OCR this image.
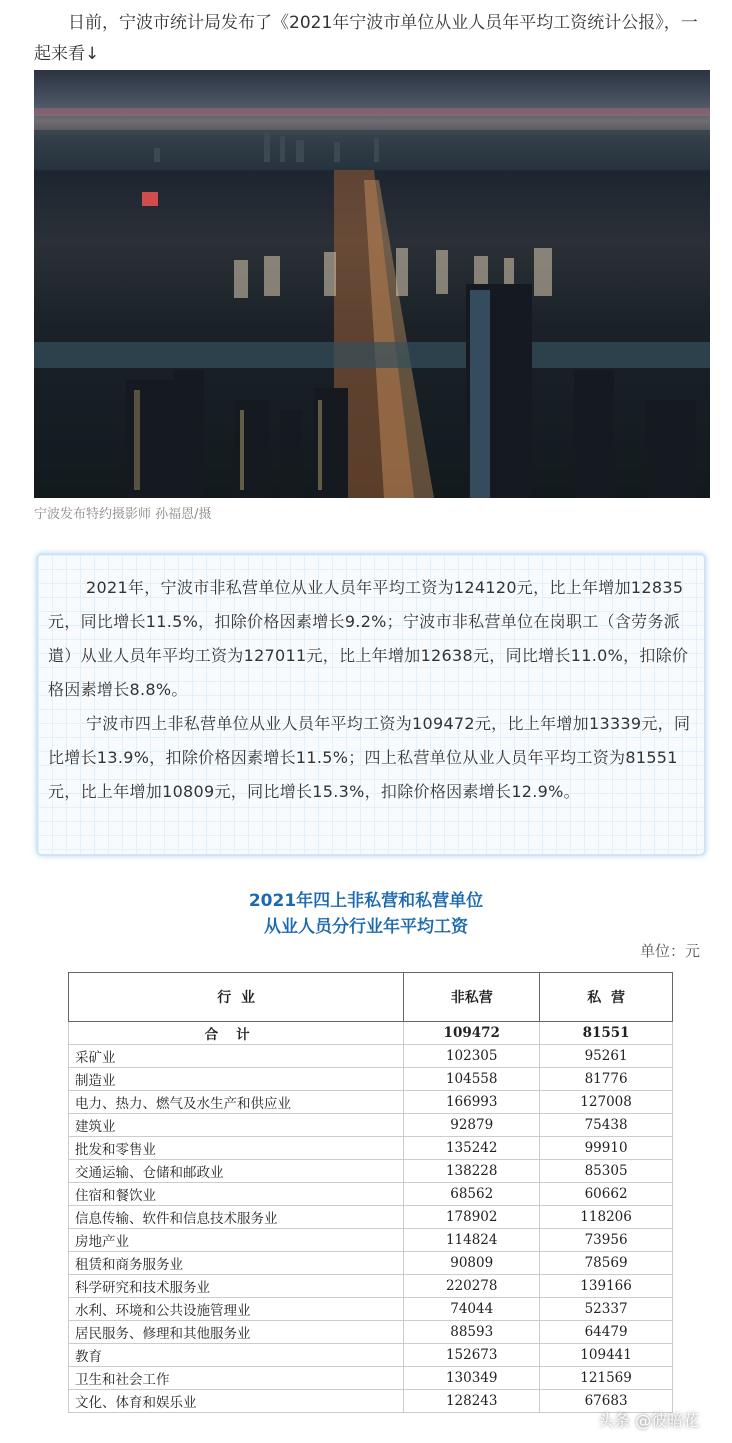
日前，宁波市统计局发布了《2021年宁波市单位从业人员年平均工资统计公报》，一起来看↓

宁波发布特约摄影师 孙福恩/摄

2021年，宁波市非私营单位从业人员年平均工资为124120元，比上年增加12835元，同比增长11.5%，扣除价格因素增长9.2%；宁波市非私营单位在岗职工（含劳务派遣）从业人员年平均工资为127011元，比上年增加12638元，同比增长11.0%，扣除价格因素增长8.8%。

宁波市四上非私营单位从业人员年平均工资为109472元，比上年增加13339元，同比增长13.9%，扣除价格因素增长11.5%；四上私营单位从业人员年平均工资为81551元，比上年增加10809元，同比增长15.3%，扣除价格因素增长12.9%。

2021年四上非私营和私营单位
从业人员分行业年平均工资
单位：元
行  业	非私营	私  营
合计	109472	81551
采矿业	102305	95261
制造业	104558	81776
电力、热力、燃气及水生产和供应业	166993	127008
建筑业	92879	75438
批发和零售业	135242	99910
交通运输、仓储和邮政业	138228	85305
住宿和餐饮业	68562	60662
信息传输、软件和信息技术服务业	178902	118206
房地产业	114824	73956
租赁和商务服务业	90809	78569
科学研究和技术服务业	220278	139166
水利、环境和公共设施管理业	74044	52337
居民服务、修理和其他服务业	88593	64479
教育	152673	109441
卫生和社会工作	130349	121569
文化、体育和娱乐业	128243	67683
头条 @彼暗花
